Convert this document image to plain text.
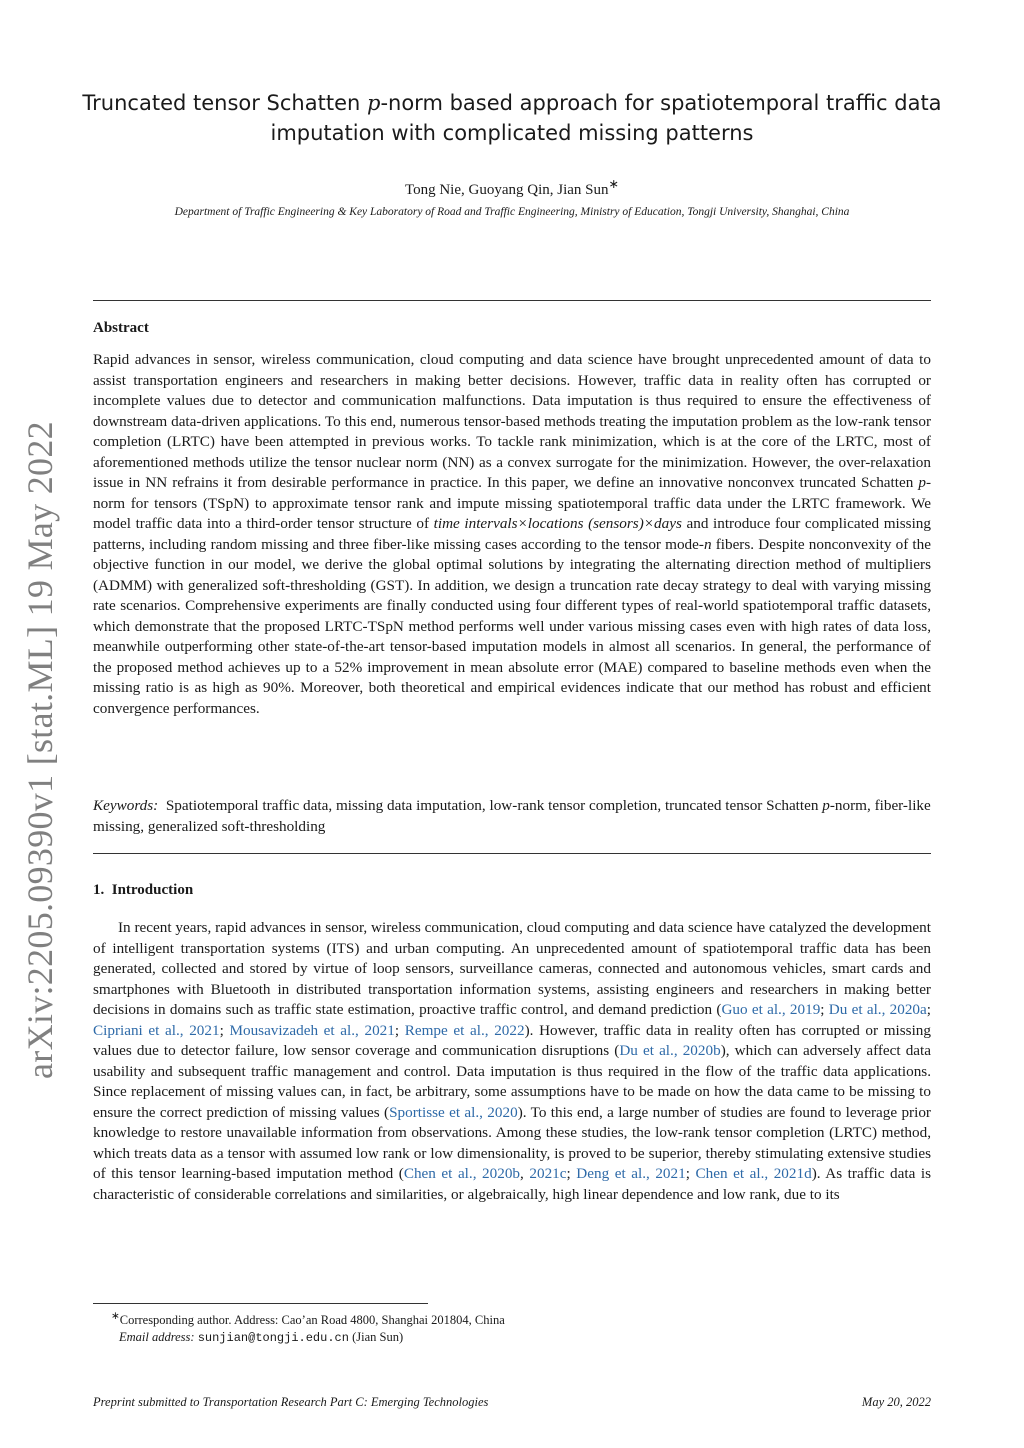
arXiv:2205.09390v1 [stat.ML] 19 May 2022
Truncated tensor Schatten p-norm based approach for spatiotemporal traffic data imputation with complicated missing patterns
Tong Nie, Guoyang Qin, Jian Sun∗
Department of Traffic Engineering & Key Laboratory of Road and Traffic Engineering, Ministry of Education, Tongji University, Shanghai, China
Abstract
Rapid advances in sensor, wireless communication, cloud computing and data science have brought unprecedented amount of data to assist transportation engineers and researchers in making better decisions. However, traffic data in reality often has corrupted or incomplete values due to detector and communication malfunctions. Data imputation is thus required to ensure the effectiveness of downstream data-driven applications. To this end, numerous tensor-based methods treating the imputation problem as the low-rank tensor completion (LRTC) have been attempted in previous works. To tackle rank minimization, which is at the core of the LRTC, most of aforementioned methods utilize the tensor nuclear norm (NN) as a convex surrogate for the minimization. However, the over-relaxation issue in NN refrains it from desirable performance in practice. In this paper, we define an innovative nonconvex truncated Schatten p-norm for tensors (TSpN) to approximate tensor rank and impute missing spatiotemporal traffic data under the LRTC framework. We model traffic data into a third-order tensor structure of time intervals×locations (sensors)×days and introduce four complicated missing patterns, including random missing and three fiber-like missing cases according to the tensor mode-n fibers. Despite nonconvexity of the objective function in our model, we derive the global optimal solutions by integrating the alternating direction method of multipliers (ADMM) with generalized soft-thresholding (GST). In addition, we design a truncation rate decay strategy to deal with varying missing rate scenarios. Comprehensive experiments are finally conducted using four different types of real-world spatiotemporal traffic datasets, which demonstrate that the proposed LRTC-TSpN method performs well under various missing cases even with high rates of data loss, meanwhile outperforming other state-of-the-art tensor-based imputation models in almost all scenarios. In general, the performance of the proposed method achieves up to a 52% improvement in mean absolute error (MAE) compared to baseline methods even when the missing ratio is as high as 90%. Moreover, both theoretical and empirical evidences indicate that our method has robust and efficient convergence performances.
Keywords:  Spatiotemporal traffic data, missing data imputation, low-rank tensor completion, truncated tensor Schatten p-norm, fiber-like missing, generalized soft-thresholding
1.  Introduction
In recent years, rapid advances in sensor, wireless communication, cloud computing and data science have catalyzed the development of intelligent transportation systems (ITS) and urban computing. An unprecedented amount of spatiotemporal traffic data has been generated, collected and stored by virtue of loop sensors, surveillance cameras, connected and autonomous vehicles, smart cards and smartphones with Bluetooth in distributed transportation information systems, assisting engineers and researchers in making better decisions in domains such as traffic state estimation, proactive traffic control, and demand prediction (Guo et al., 2019; Du et al., 2020a; Cipriani et al., 2021; Mousavizadeh et al., 2021; Rempe et al., 2022). However, traffic data in reality often has corrupted or missing values due to detector failure, low sensor coverage and communication disruptions (Du et al., 2020b), which can adversely affect data usability and subsequent traffic management and control. Data imputation is thus required in the flow of the traffic data applications. Since replacement of missing values can, in fact, be arbitrary, some assumptions have to be made on how the data came to be missing to ensure the correct prediction of missing values (Sportisse et al., 2020). To this end, a large number of studies are found to leverage prior knowledge to restore unavailable information from observations. Among these studies, the low-rank tensor completion (LRTC) method, which treats data as a tensor with assumed low rank or low dimensionality, is proved to be superior, thereby stimulating extensive studies of this tensor learning-based imputation method (Chen et al., 2020b, 2021c; Deng et al., 2021; Chen et al., 2021d). As traffic data is characteristic of considerable correlations and similarities, or algebraically, high linear dependence and low rank, due to its
∗Corresponding author. Address: Cao’an Road 4800, Shanghai 201804, China
Email address: sunjian@tongji.edu.cn (Jian Sun)
Preprint submitted to Transportation Research Part C: Emerging Technologies	May 20, 2022
